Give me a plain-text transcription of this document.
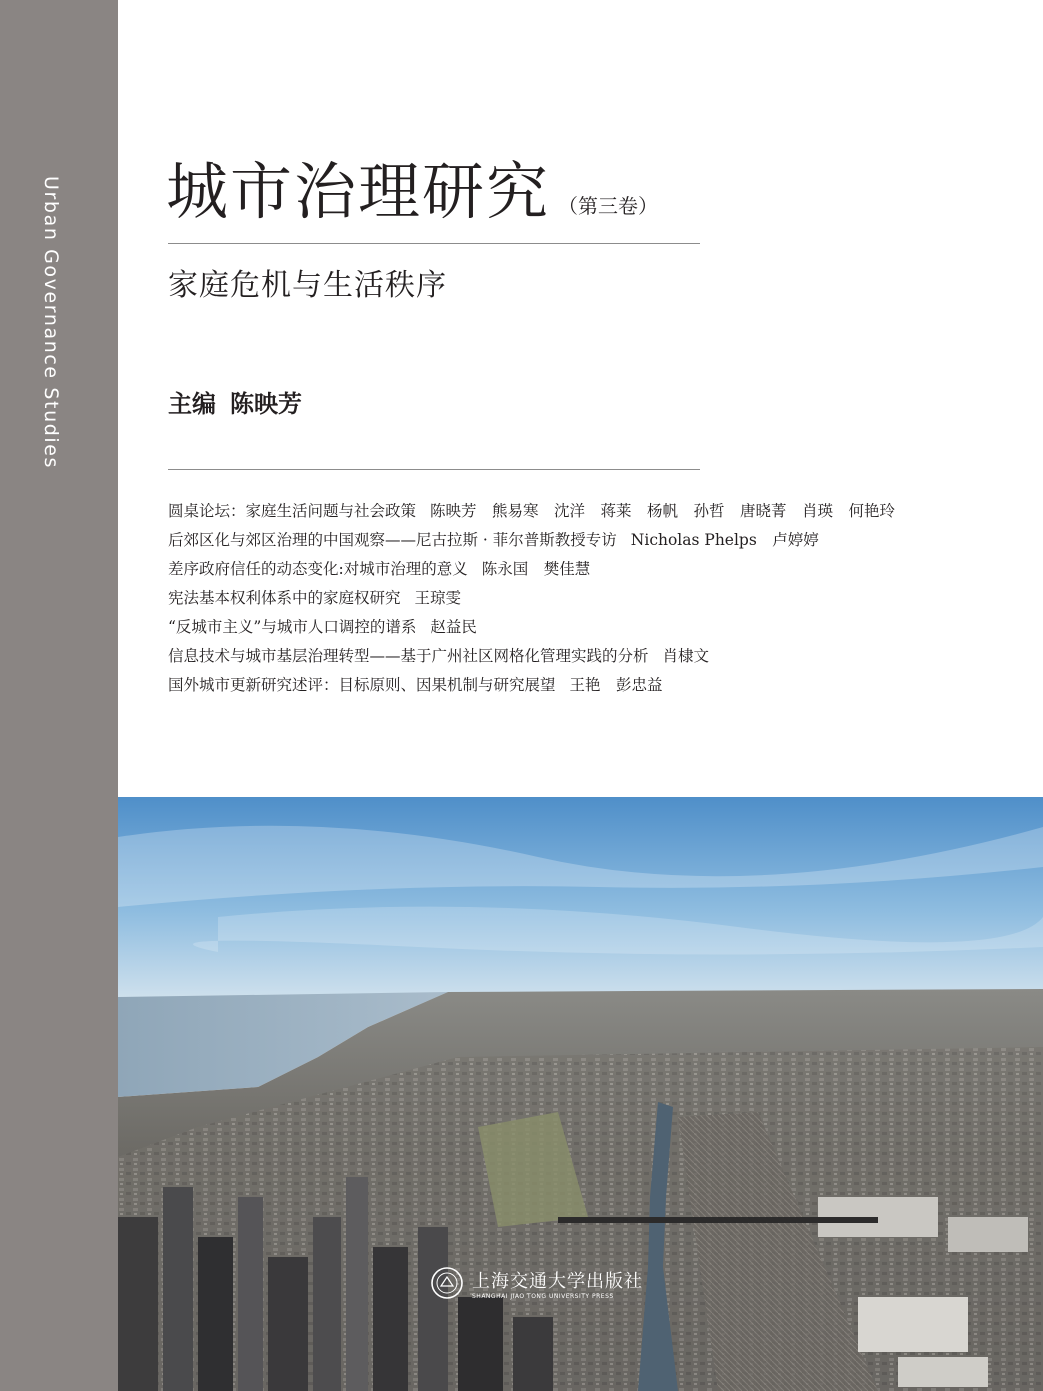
Urban Governance Studies 城市治理研究 （第三卷）
家庭危机与生活秩序
主编 陈映芳
圆桌论坛：家庭生活问题与社会政策 陈映芳　熊易寒　沈洋　蒋莱　杨帆　孙哲　唐晓菁　肖瑛　何艳玲
后郊区化与郊区治理的中国观察——尼古拉斯 · 菲尔普斯教授专访 Nicholas Phelps　卢婷婷
差序政府信任的动态变化:对城市治理的意义 陈永国　樊佳慧
宪法基本权利体系中的家庭权研究 王琼雯
“反城市主义”与城市人口调控的谱系 赵益民
信息技术与城市基层治理转型——基于广州社区网格化管理实践的分析 肖棣文
国外城市更新研究述评：目标原则、因果机制与研究展望 王艳　彭忠益
上海交通大学出版社
SHANGHAI JIAO TONG UNIVERSITY PRESS
